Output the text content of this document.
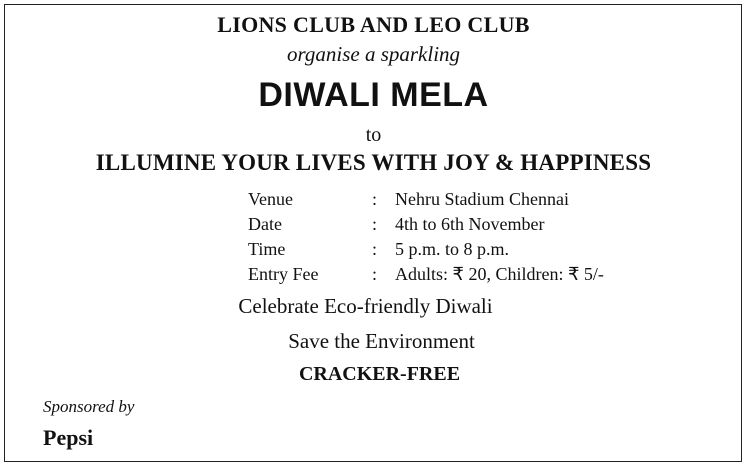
LIONS CLUB AND LEO CLUB
organise a sparkling
DIWALI MELA
to
ILLUMINE YOUR LIVES WITH JOY & HAPPINESS
Venue	: Nehru Stadium Chennai
Date	: 4th to 6th November
Time	: 5 p.m. to 8 p.m.
Entry Fee	: Adults: ₹ 20, Children: ₹ 5/-
Celebrate Eco-friendly Diwali
Save the Environment
CRACKER-FREE
Sponsored by
Pepsi
